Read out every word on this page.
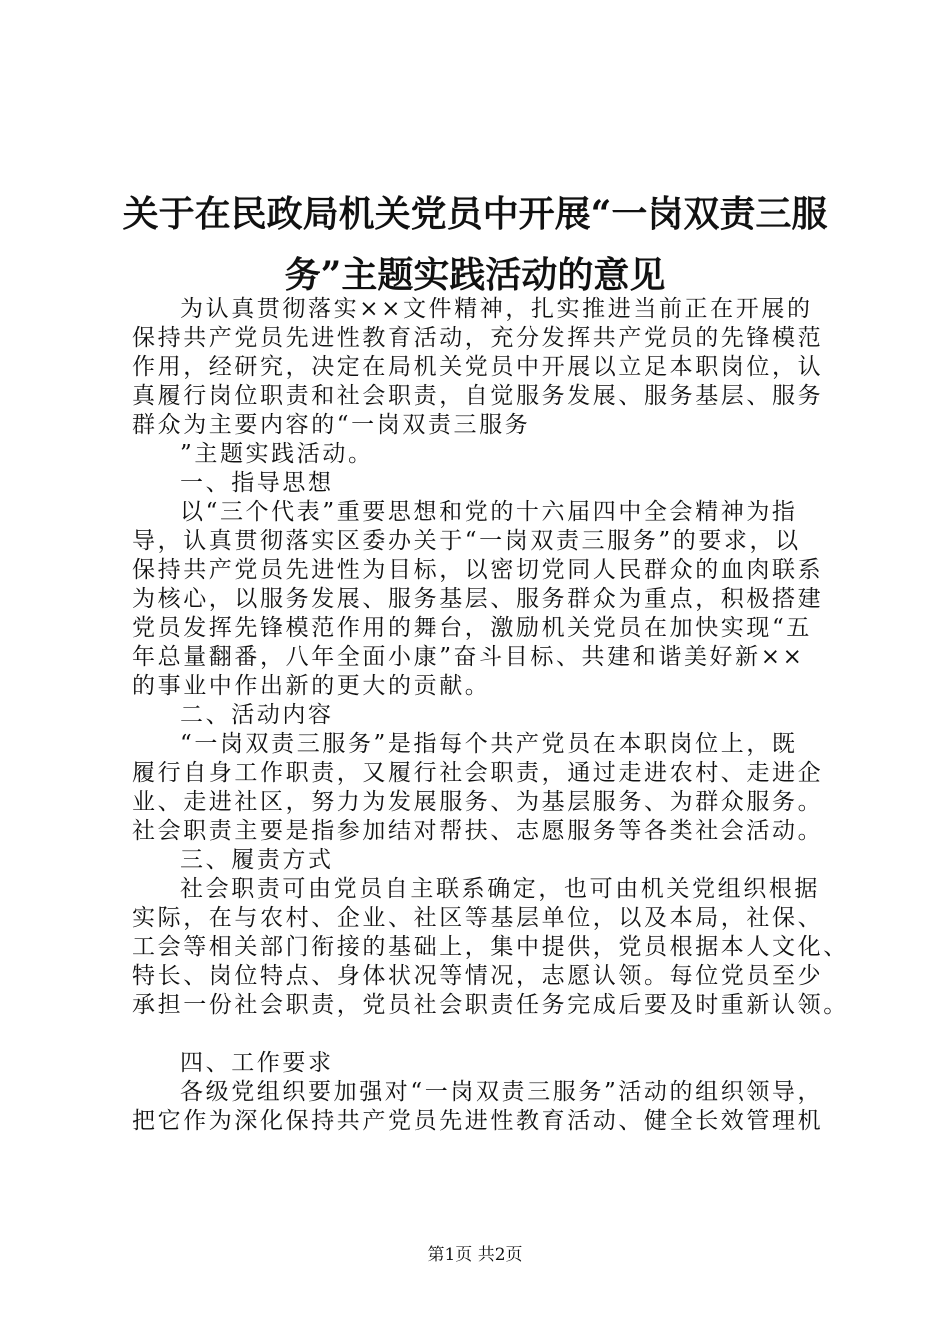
关于在民政局机关党员中开展“一岗双责三服
务”主题实践活动的意见
为认真贯彻落实××文件精神，扎实推进当前正在开展的
保持共产党员先进性教育活动，充分发挥共产党员的先锋模范
作用，经研究，决定在局机关党员中开展以立足本职岗位，认
真履行岗位职责和社会职责，自觉服务发展、服务基层、服务
群众为主要内容的“一岗双责三服务
”主题实践活动。
一、指导思想
以“三个代表”重要思想和党的十六届四中全会精神为指
导，认真贯彻落实区委办关于“一岗双责三服务”的要求，以
保持共产党员先进性为目标，以密切党同人民群众的血肉联系
为核心，以服务发展、服务基层、服务群众为重点，积极搭建
党员发挥先锋模范作用的舞台，激励机关党员在加快实现“五
年总量翻番，八年全面小康”奋斗目标、共建和谐美好新××
的事业中作出新的更大的贡献。
二、活动内容
“一岗双责三服务”是指每个共产党员在本职岗位上，既
履行自身工作职责，又履行社会职责，通过走进农村、走进企
业、走进社区，努力为发展服务、为基层服务、为群众服务。
社会职责主要是指参加结对帮扶、志愿服务等各类社会活动。
三、履责方式
社会职责可由党员自主联系确定，也可由机关党组织根据
实际，在与农村、企业、社区等基层单位，以及本局，社保、
工会等相关部门衔接的基础上，集中提供，党员根据本人文化、
特长、岗位特点、身体状况等情况，志愿认领。每位党员至少
承担一份社会职责，党员社会职责任务完成后要及时重新认领。
四、工作要求
各级党组织要加强对“一岗双责三服务”活动的组织领导，
把它作为深化保持共产党员先进性教育活动、健全长效管理机
第1页 共2页
